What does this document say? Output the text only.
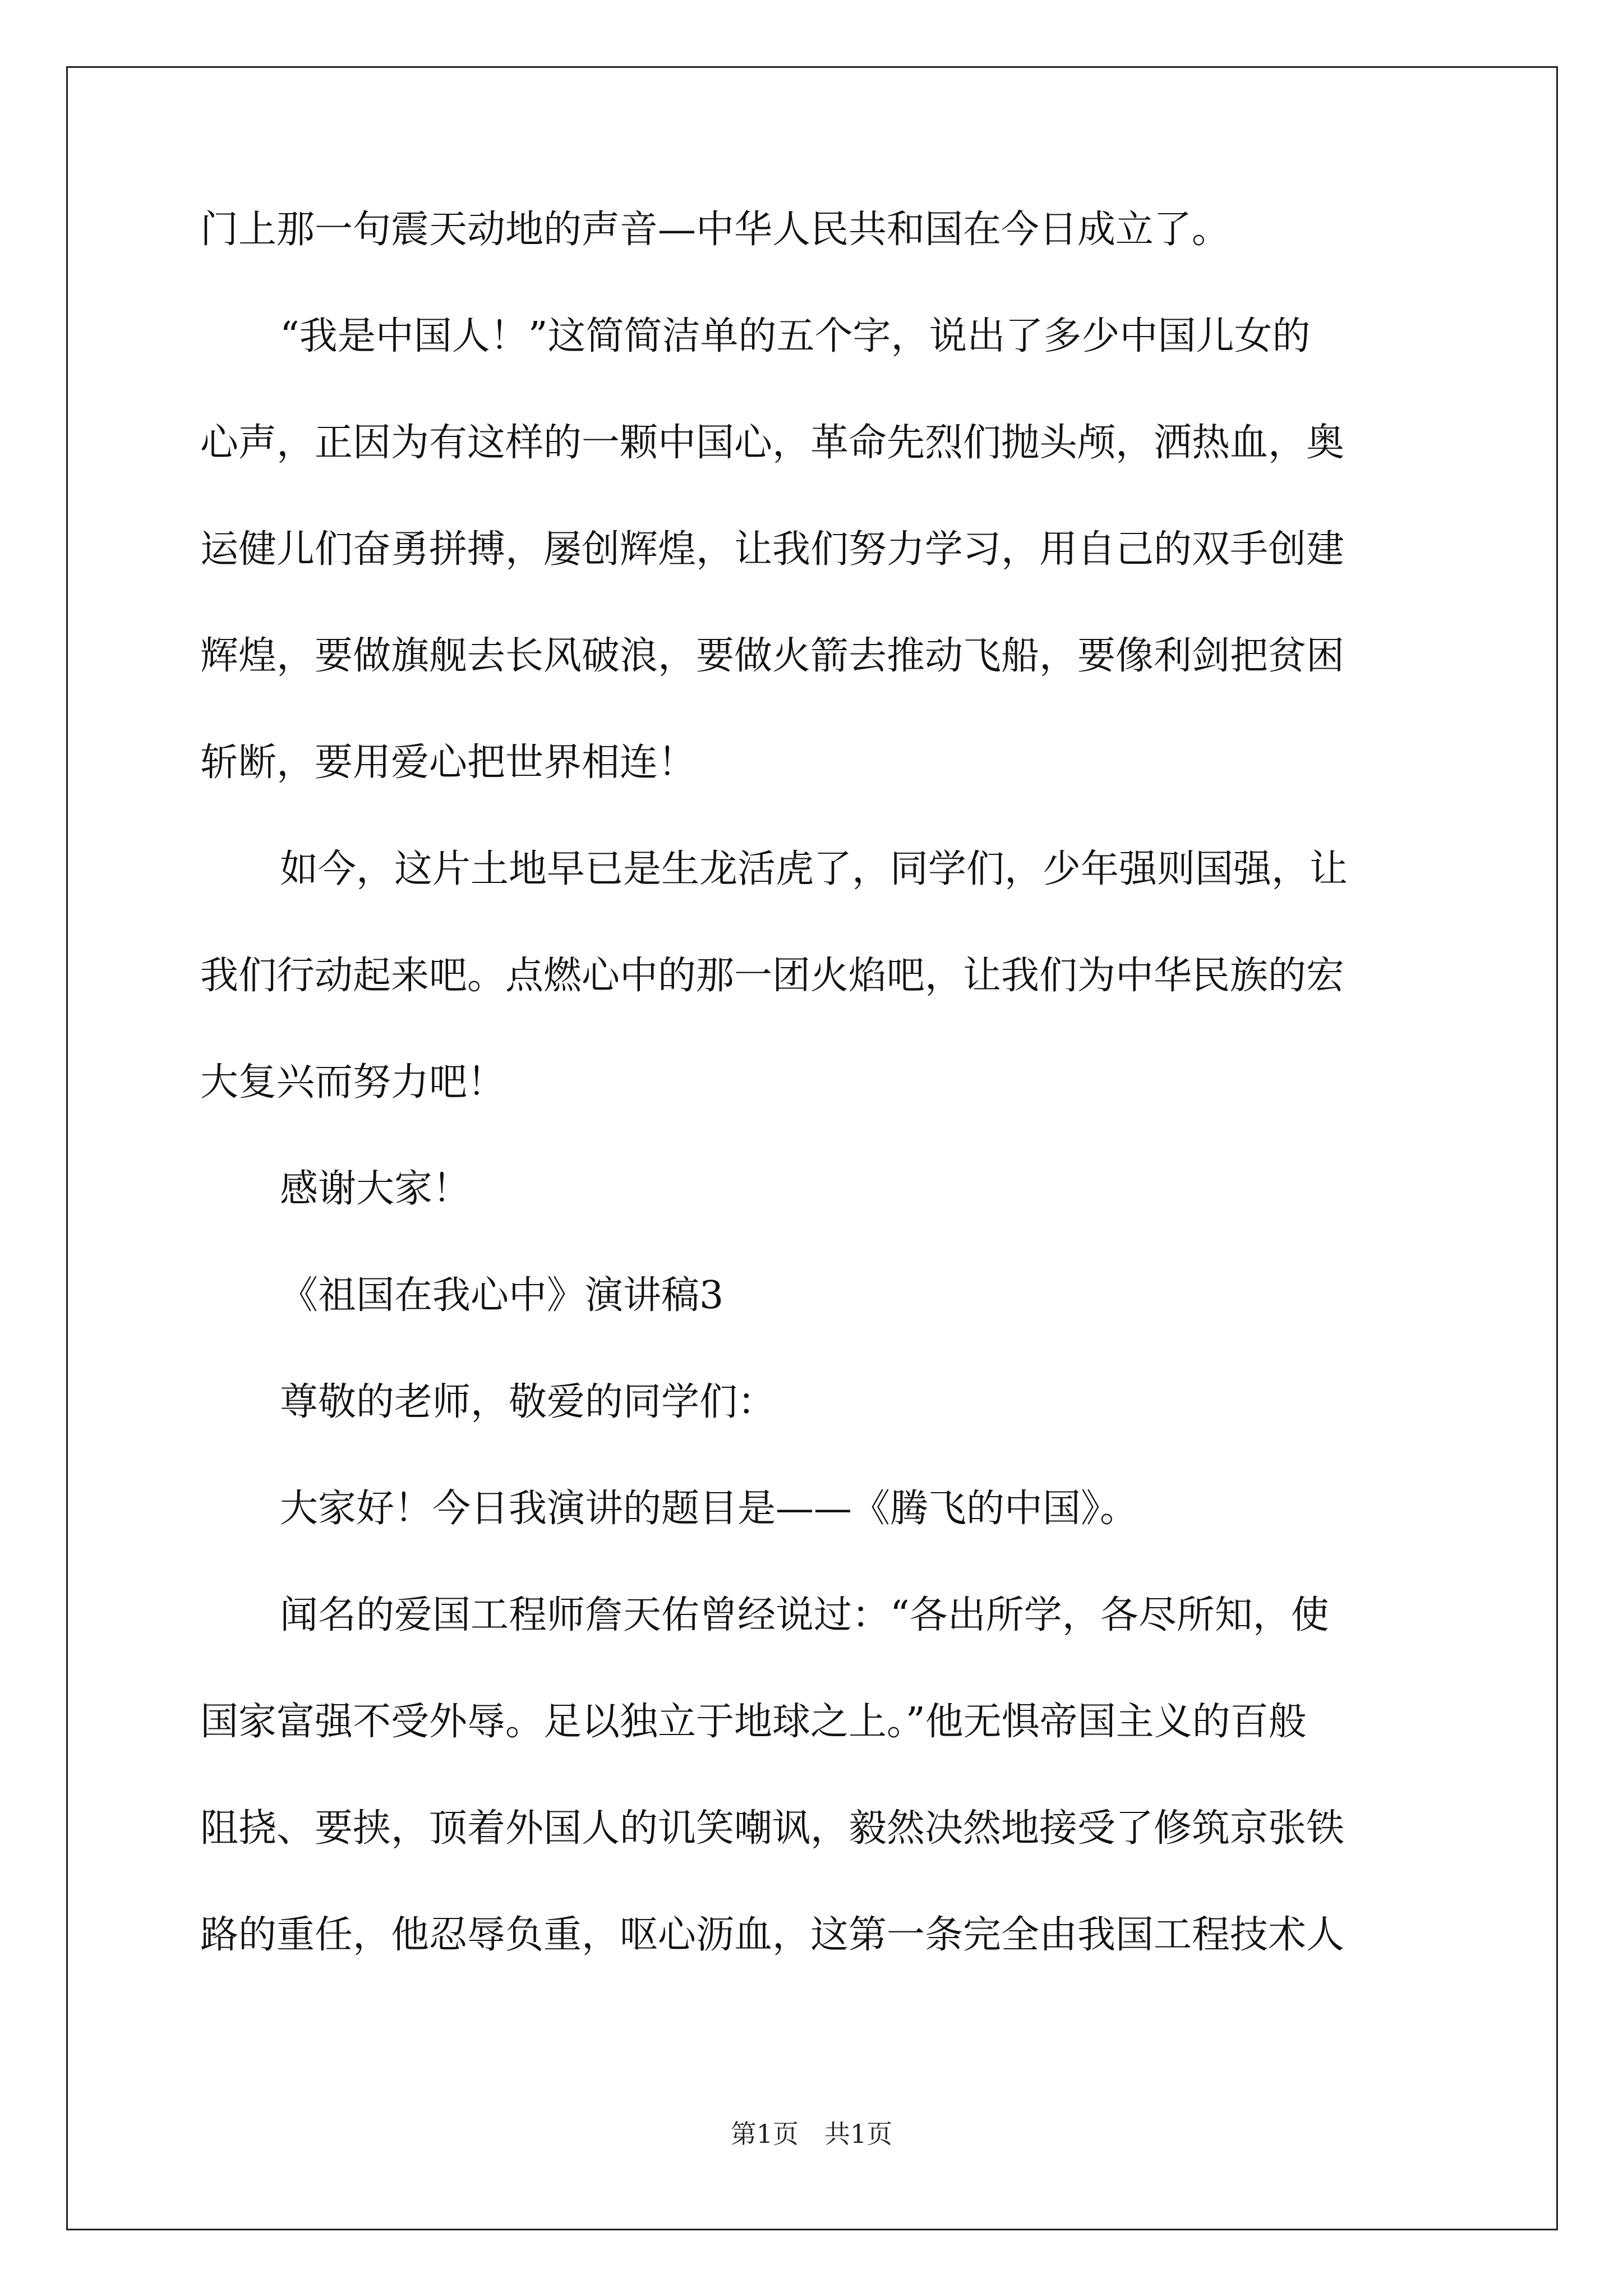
门上那一句震天动地的声音—中华人民共和国在今日成立了。
“我是中国人！”这简简洁单的五个字，说出了多少中国儿女的
心声，正因为有这样的一颗中国心，革命先烈们抛头颅，洒热血，奥
运健儿们奋勇拼搏，屡创辉煌，让我们努力学习，用自己的双手创建
辉煌，要做旗舰去长风破浪，要做火箭去推动飞船，要像利剑把贫困
斩断，要用爱心把世界相连！
如今，这片土地早已是生龙活虎了，同学们，少年强则国强，让
我们行动起来吧。点燃心中的那一团火焰吧，让我们为中华民族的宏
大复兴而努力吧！
感谢大家！
《祖国在我心中》演讲稿3
尊敬的老师，敬爱的同学们：
大家好！今日我演讲的题目是——《腾飞的中国》。
闻名的爱国工程师詹天佑曾经说过：“各出所学，各尽所知，使
国家富强不受外辱。足以独立于地球之上。”他无惧帝国主义的百般
阻挠、要挟，顶着外国人的讥笑嘲讽，毅然决然地接受了修筑京张铁
路的重任，他忍辱负重，呕心沥血，这第一条完全由我国工程技术人
第1页　共1页
